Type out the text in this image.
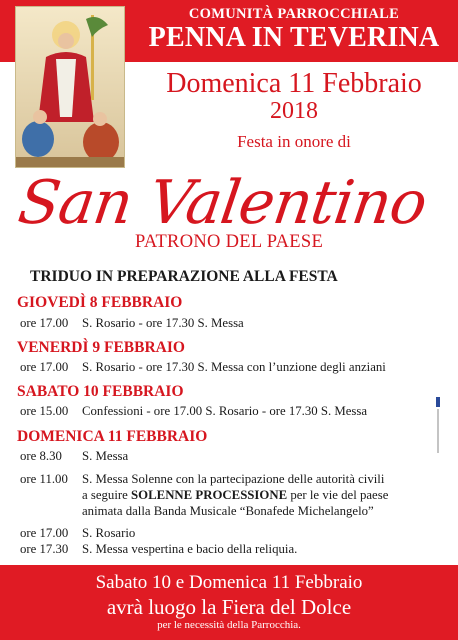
COMUNITÀ PARROCCHIALE
PENNA IN TEVERINA
Domenica 11 Febbraio
2018
Festa in onore di
San Valentino
PATRONO DEL PAESE
TRIDUO IN PREPARAZIONE ALLA FESTA
GIOVEDÌ 8 FEBBRAIO
ore 17.00 S. Rosario - ore 17.30 S. Messa
VENERDÌ 9 FEBBRAIO
ore 17.00 S. Rosario - ore 17.30 S. Messa con l’unzione degli anziani
SABATO 10 FEBBRAIO
ore 15.00 Confessioni - ore 17.00 S. Rosario - ore 17.30 S. Messa
DOMENICA 11 FEBBRAIO
ore 8.30 S. Messa
ore 11.00 S. Messa Solenne con la partecipazione delle autorità civili
a seguire SOLENNE PROCESSIONE per le vie del paese
animata dalla Banda Musicale “Bonafede Michelangelo”
ore 17.00 S. Rosario
ore 17.30 S. Messa vespertina e bacio della reliquia.
Sabato 10 e Domenica 11 Febbraio
avrà luogo la Fiera del Dolce
per le necessità della Parrocchia.
